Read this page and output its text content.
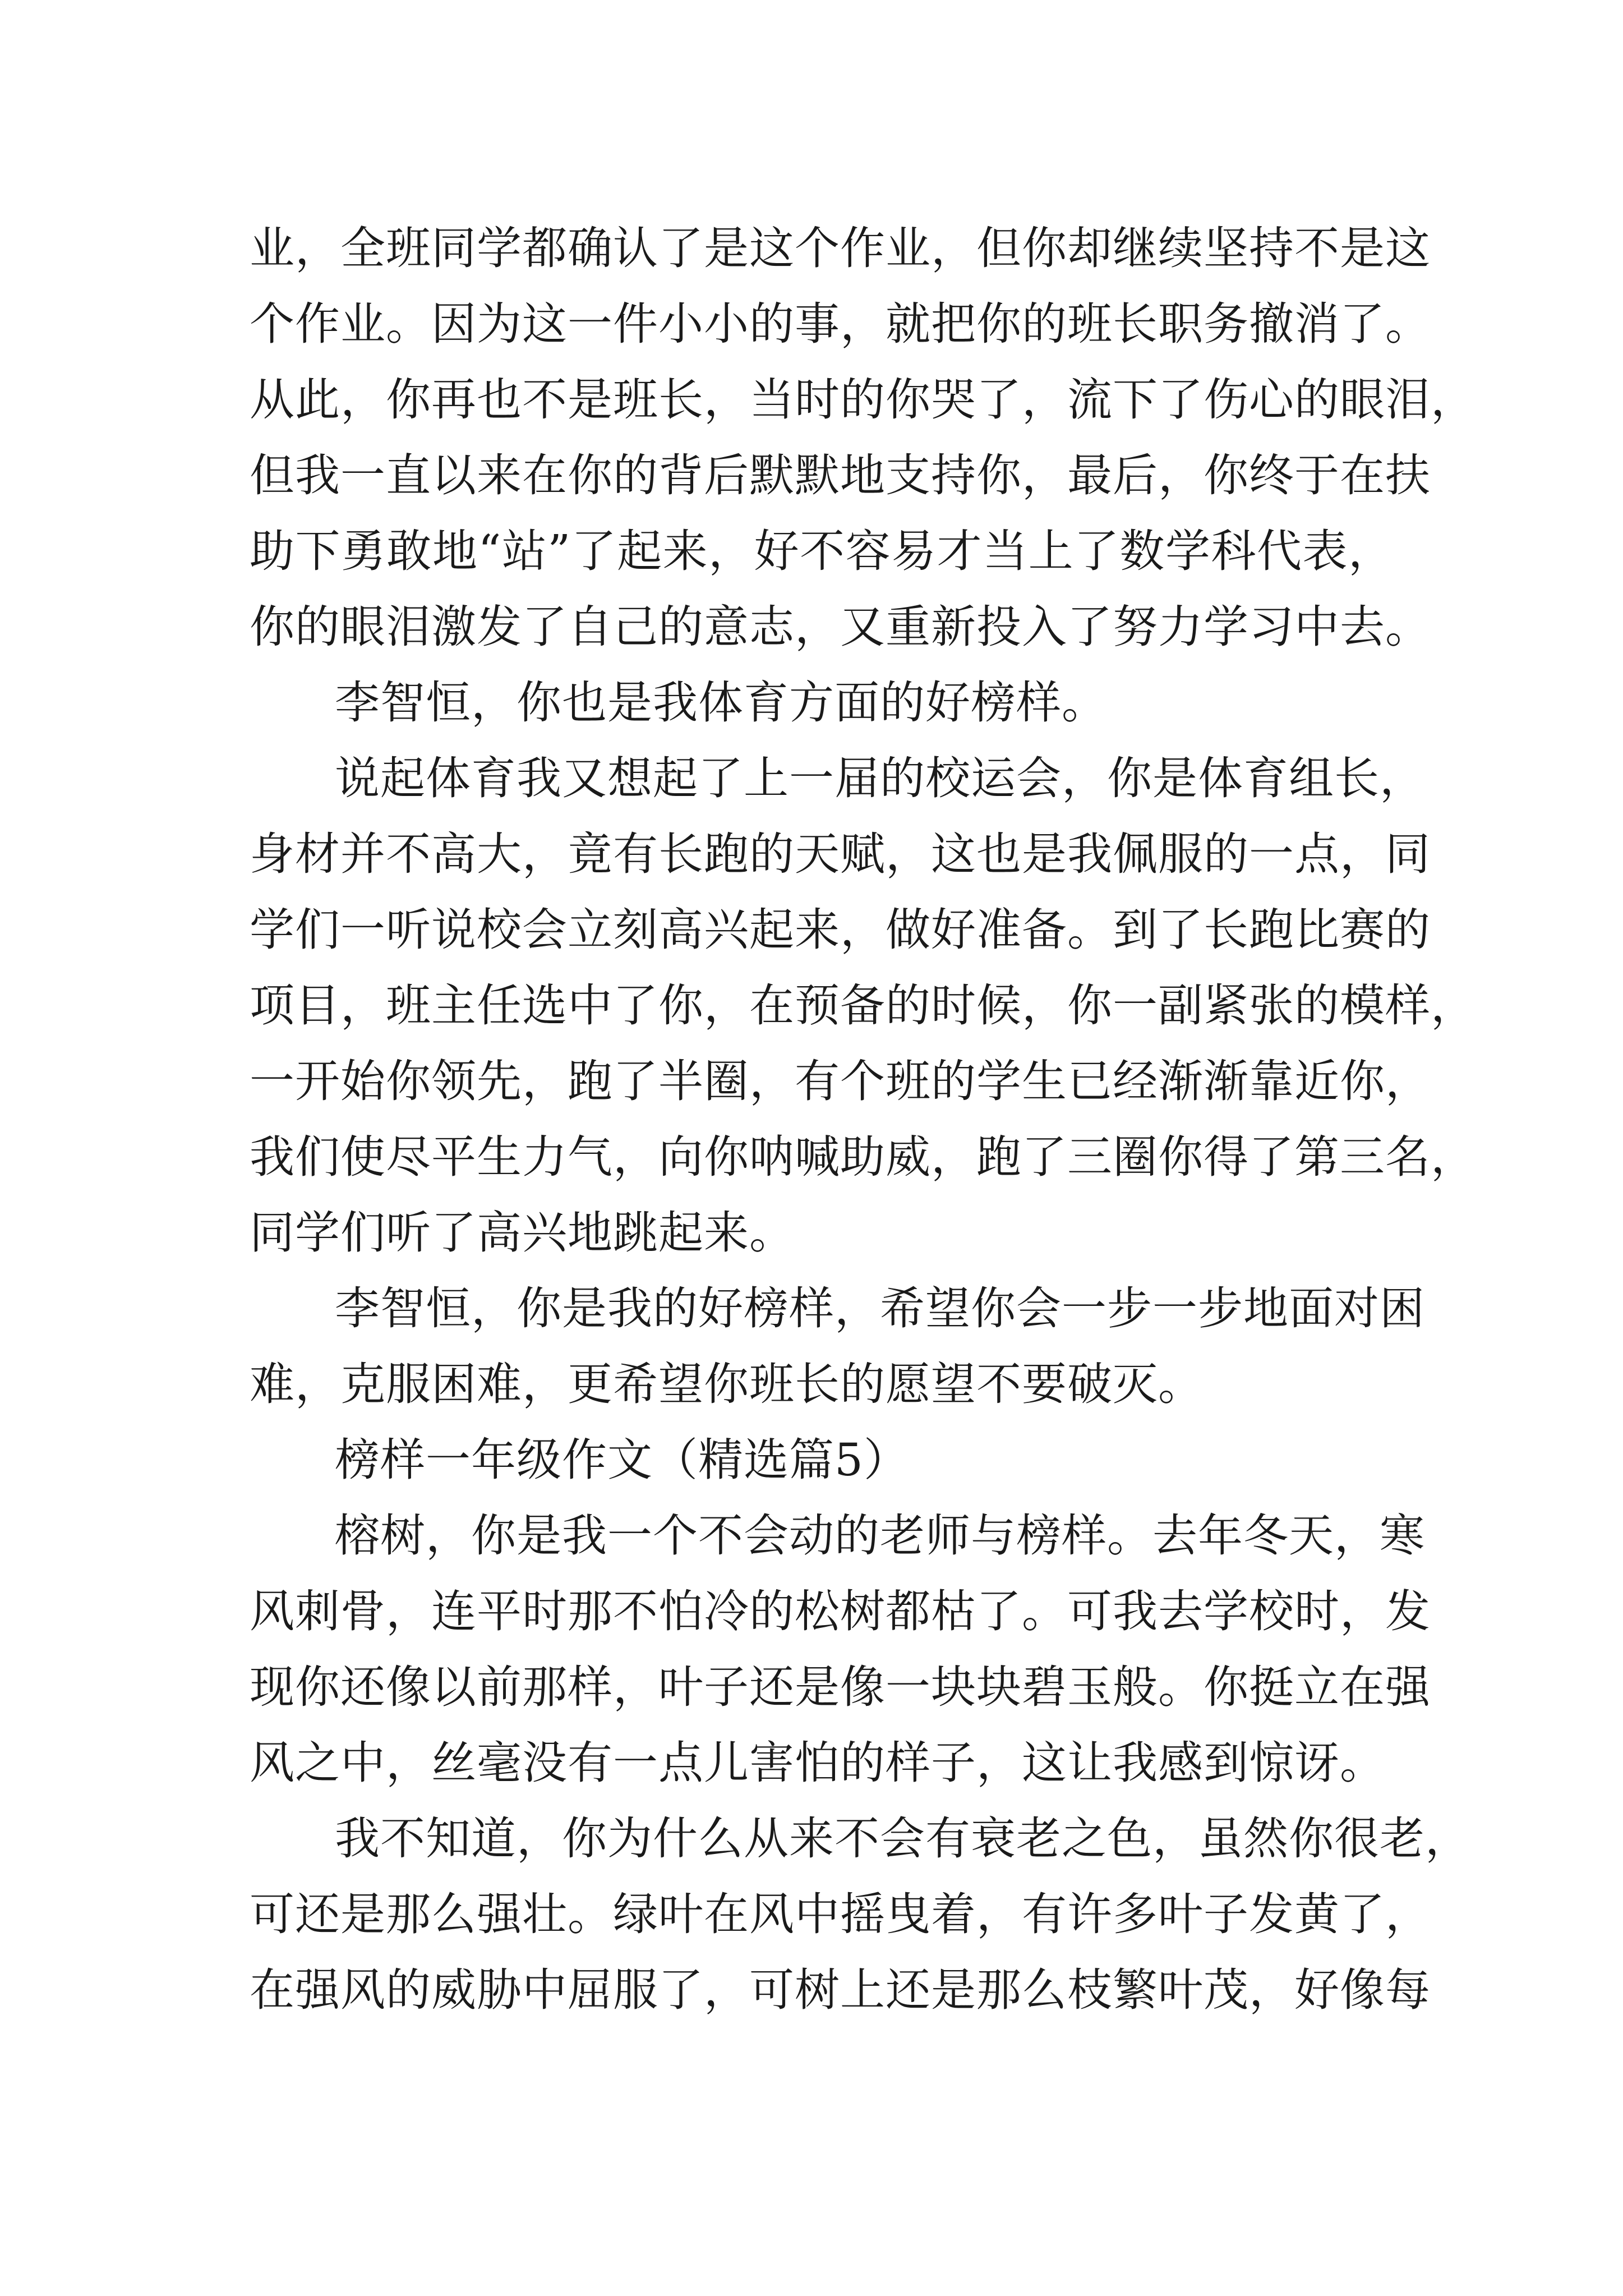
业，全班同学都确认了是这个作业，但你却继续坚持不是这
个作业。因为这一件小小的事，就把你的班长职务撤消了。
从此，你再也不是班长，当时的你哭了，流下了伤心的眼泪，
但我一直以来在你的背后默默地支持你，最后，你终于在扶
助下勇敢地“站”了起来，好不容易才当上了数学科代表，
你的眼泪激发了自己的意志，又重新投入了努力学习中去。
李智恒，你也是我体育方面的好榜样。
说起体育我又想起了上一届的校运会，你是体育组长，
身材并不高大，竟有长跑的天赋，这也是我佩服的一点，同
学们一听说校会立刻高兴起来，做好准备。到了长跑比赛的
项目，班主任选中了你，在预备的时候，你一副紧张的模样，
一开始你领先，跑了半圈，有个班的学生已经渐渐靠近你，
我们使尽平生力气，向你呐喊助威，跑了三圈你得了第三名，
同学们听了高兴地跳起来。
李智恒，你是我的好榜样，希望你会一步一步地面对困
难，克服困难，更希望你班长的愿望不要破灭。
榜样一年级作文（精选篇5）
榕树，你是我一个不会动的老师与榜样。去年冬天，寒
风刺骨，连平时那不怕冷的松树都枯了。可我去学校时，发
现你还像以前那样，叶子还是像一块块碧玉般。你挺立在强
风之中，丝毫没有一点儿害怕的样子，这让我感到惊讶。
我不知道，你为什么从来不会有衰老之色，虽然你很老，
可还是那么强壮。绿叶在风中摇曳着，有许多叶子发黄了，
在强风的威胁中屈服了，可树上还是那么枝繁叶茂，好像每
